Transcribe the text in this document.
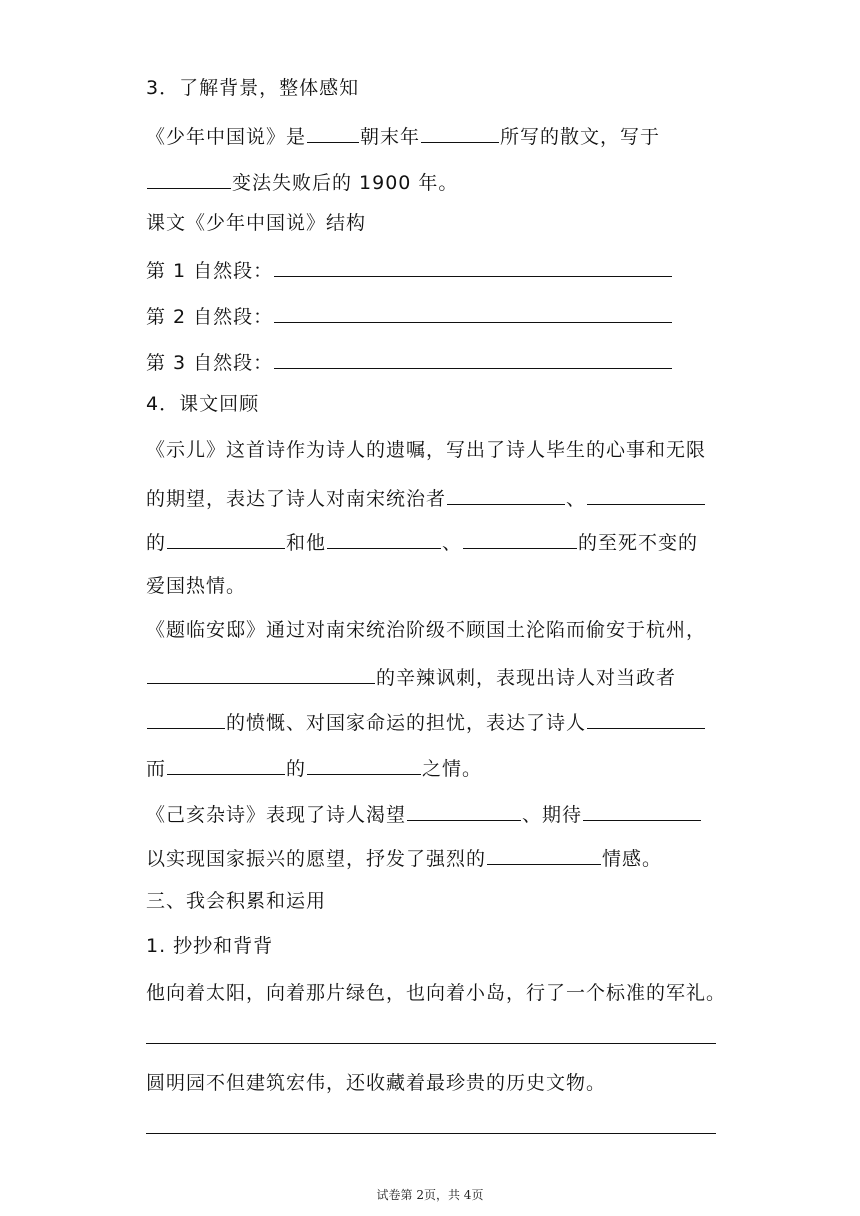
3．了解背景，整体感知
《少年中国说》是	朝末年	所写的散文，写于
变法失败后的 1900 年。
课文《少年中国说》结构
第 1 自然段：
第 2 自然段：
第 3 自然段：
4．课文回顾
《示儿》这首诗作为诗人的遗嘱，写出了诗人毕生的心事和无限
的期望，表达了诗人对南宋统治者	、
的	和他	、	的至死不变的
爱国热情。
《题临安邸》通过对南宋统治阶级不顾国土沦陷而偷安于杭州，
的辛辣讽刺，表现出诗人对当政者
的愤慨、对国家命运的担忧，表达了诗人
而	的	之情。
《己亥杂诗》表现了诗人渴望	、期待
以实现国家振兴的愿望，抒发了强烈的	情感。
三、我会积累和运用
1. 抄抄和背背
他向着太阳，向着那片绿色，也向着小岛，行了一个标准的军礼。
圆明园不但建筑宏伟，还收藏着最珍贵的历史文物。
试卷第 2页，共 4页
